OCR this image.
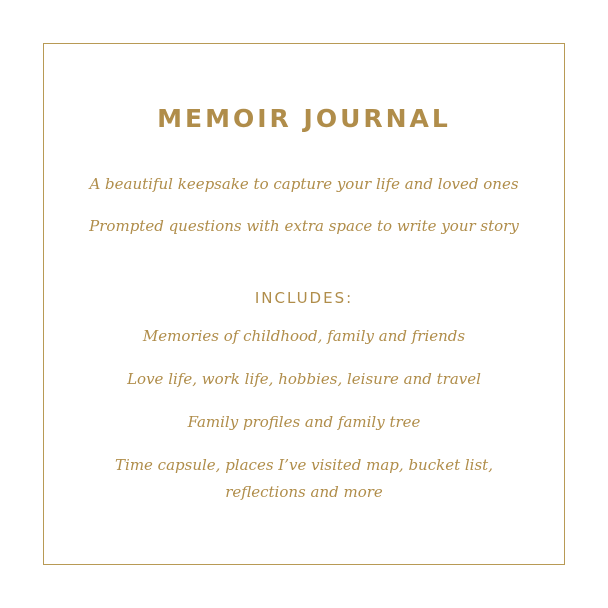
MEMOIR JOURNAL
A beautiful keepsake to capture your life and loved ones
Prompted questions with extra space to write your story
INCLUDES:
Memories of childhood, family and friends
Love life, work life, hobbies, leisure and travel
Family profiles and family tree
Time capsule, places I’ve visited map, bucket list,
reflections and more
